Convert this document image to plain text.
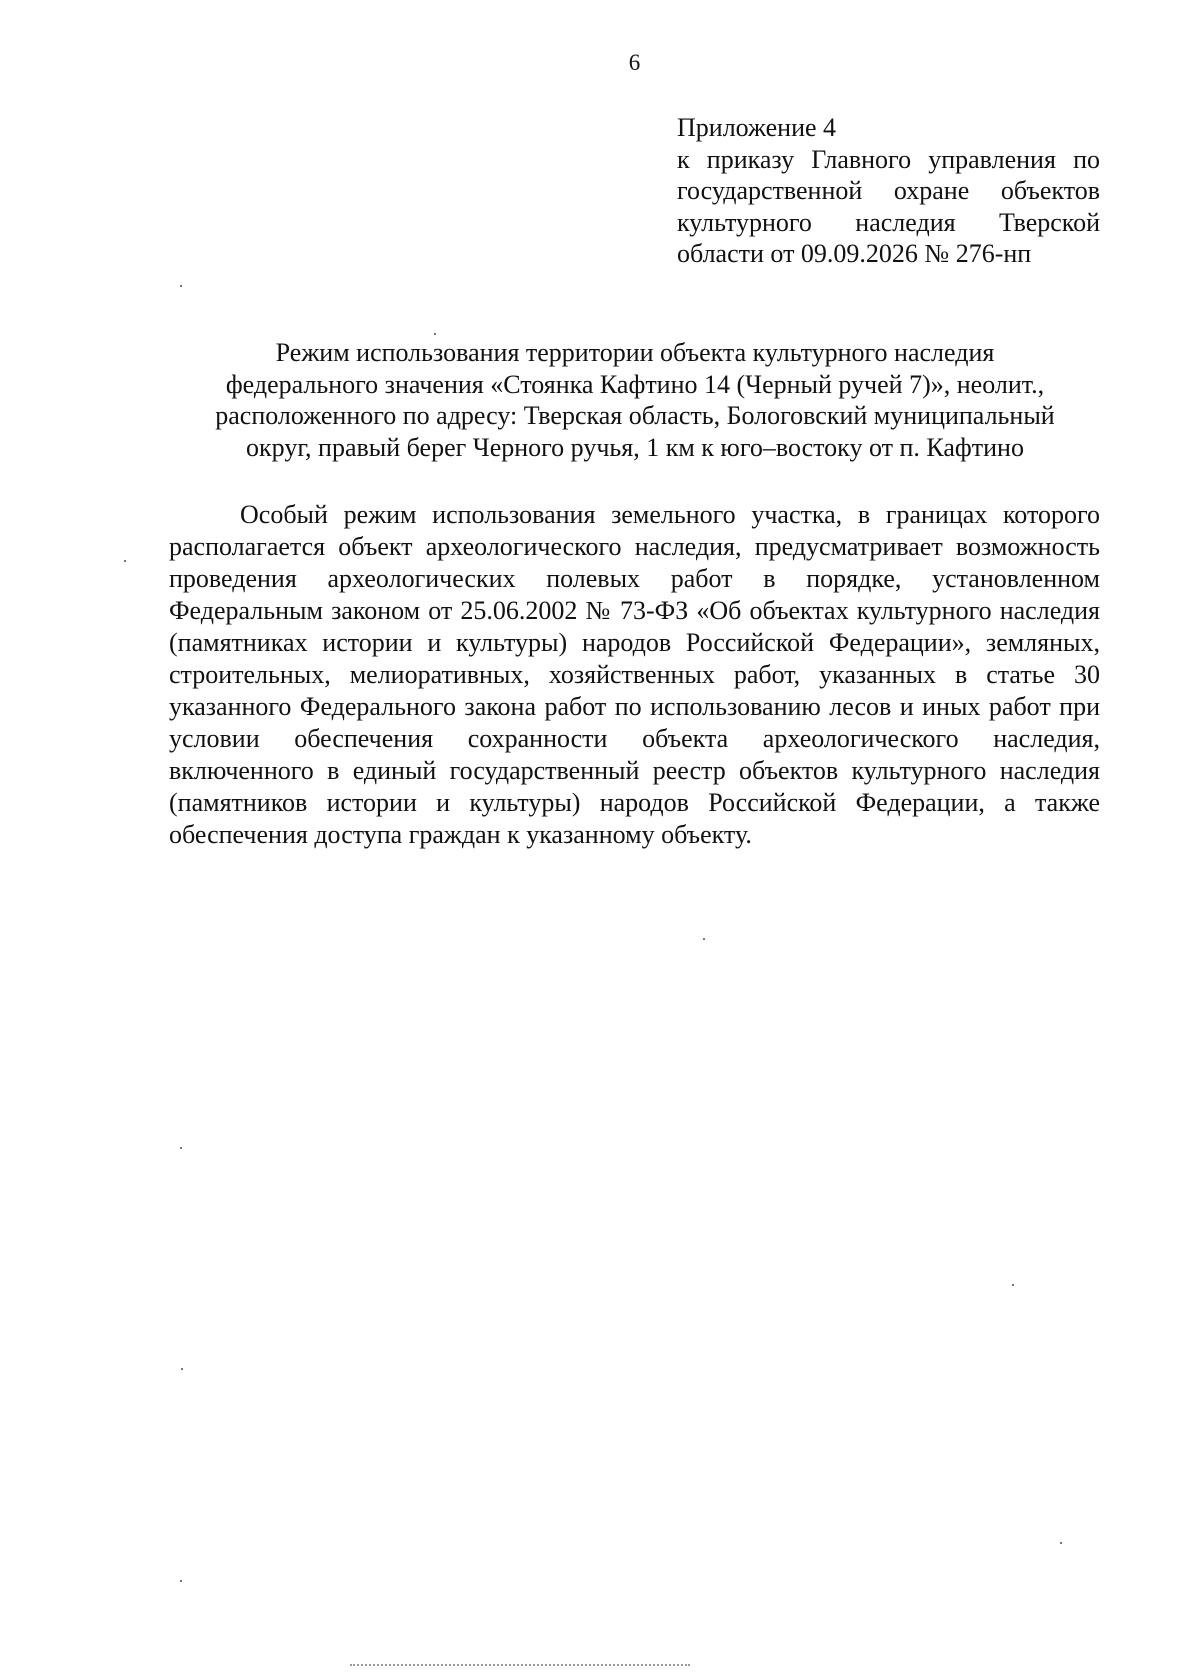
6
Приложение 4
к приказу Главного управления по государственной охране объектов культурного наследия Тверской области от 09.09.2026 № 276-нп
Режим использования территории объекта культурного наследия
федерального значения «Стоянка Кафтино 14 (Черный ручей 7)», неолит.,
расположенного по адресу: Тверская область, Бологовский муниципальный
округ, правый берег Черного ручья, 1 км к юго–востоку от п. Кафтино

Особый режим использования земельного участка, в границах которого располагается объект археологического наследия, предусматривает возможность проведения археологических полевых работ в порядке, установленном Федеральным законом от 25.06.2002 № 73-ФЗ «Об объектах культурного наследия (памятниках истории и культуры) народов Российской Федерации», земляных, строительных, мелиоративных, хозяйственных работ, указанных в статье 30 указанного Федерального закона работ по использованию лесов и иных работ при условии обеспечения сохранности объекта археологического наследия, включенного в единый государственный реестр объектов культурного наследия (памятников истории и культуры) народов Российской Федерации, а также обеспечения доступа граждан к указанному объекту.
